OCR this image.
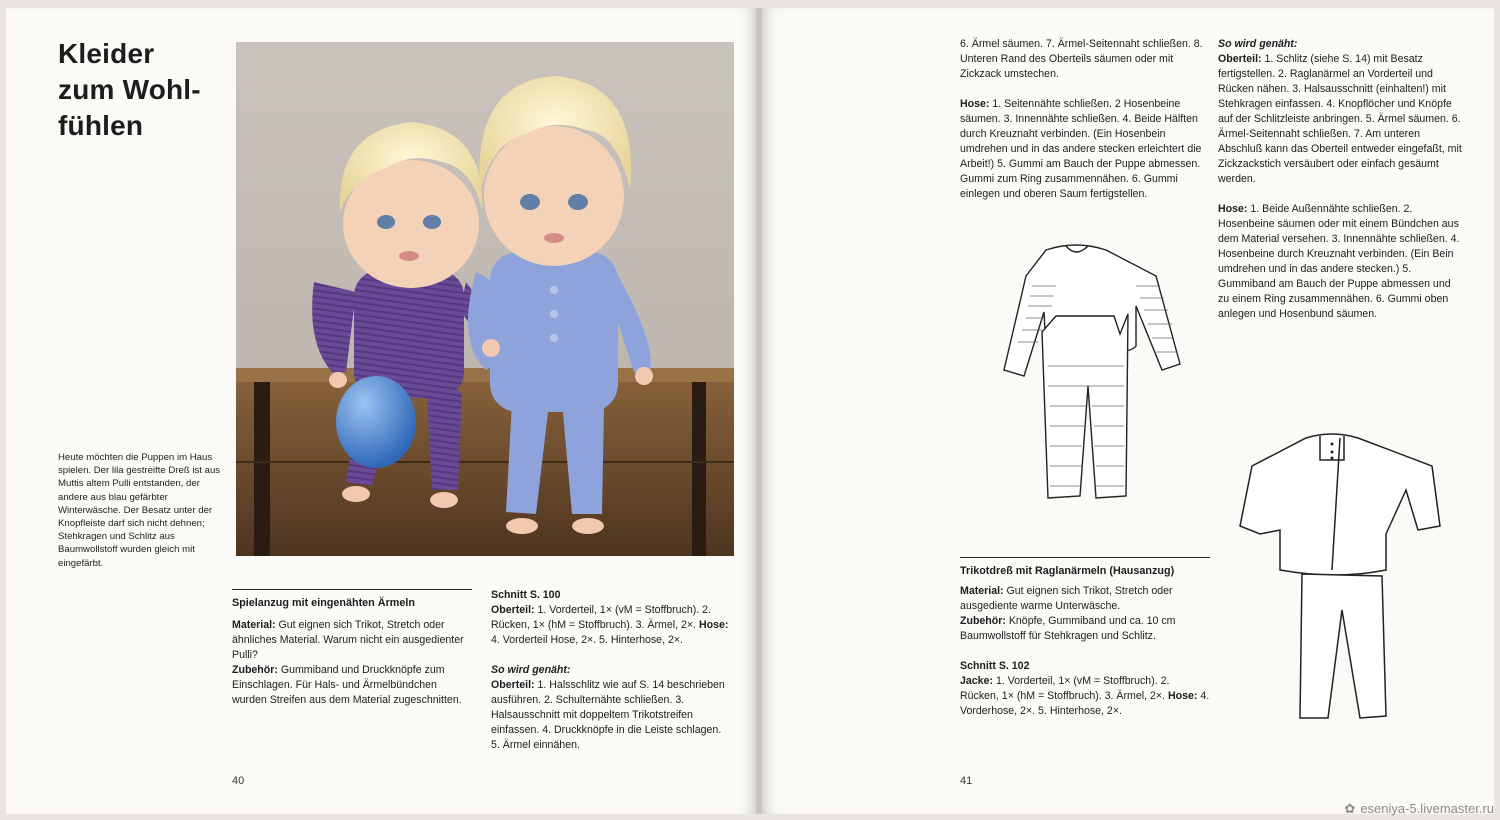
Kleider
zum Wohl-
fühlen
Heute möchten die Puppen im Haus spielen. Der lila gestreifte Dreß ist aus Muttis altem Pulli entstanden, der andere aus blau gefärbter Winterwäsche. Der Besatz unter der Knopfleiste darf sich nicht dehnen; Stehkragen und Schlitz aus Baumwollstoff wurden gleich mit eingefärbt.
Spielanzug mit eingenähten Ärmeln

Material: Gut eignen sich Trikot, Stretch oder ähnliches Material. Warum nicht ein ausgedienter Pulli?

Zubehör: Gummiband und Druckknöpfe zum Einschlagen. Für Hals- und Ärmelbündchen wurden Streifen aus dem Material zugeschnitten.

Schnitt S. 100

Oberteil: 1. Vorderteil, 1× (vM = Stoffbruch). 2. Rücken, 1× (hM = Stoffbruch). 3. Ärmel, 2×. Hose: 4. Vorderteil Hose, 2×. 5. Hinterhose, 2×.

So wird genäht:

Oberteil: 1. Halsschlitz wie auf S. 14 beschrieben ausführen. 2. Schulternähte schließen. 3. Halsausschnitt mit doppeltem Trikotstreifen einfassen. 4. Druckknöpfe in die Leiste schlagen. 5. Ärmel einnähen.

40

6. Ärmel säumen. 7. Ärmel-Seitennaht schließen. 8. Unteren Rand des Oberteils säumen oder mit Zickzack umstechen.

Hose: 1. Seitennähte schließen. 2 Hosenbeine säumen. 3. Innennähte schließen. 4. Beide Hälften durch Kreuznaht verbinden. (Ein Hosenbein umdrehen und in das andere stecken erleichtert die Arbeit!) 5. Gummi am Bauch der Puppe abmessen. Gummi zum Ring zusammennähen. 6. Gummi einlegen und oberen Saum fertigstellen.

So wird genäht:

Oberteil: 1. Schlitz (siehe S. 14) mit Besatz fertigstellen. 2. Raglanärmel an Vorderteil und Rücken nähen. 3. Halsausschnitt (einhalten!) mit Stehkragen einfassen. 4. Knopflöcher und Knöpfe auf der Schlitzleiste anbringen. 5. Ärmel säumen. 6. Ärmel-Seitennaht schließen. 7. Am unteren Abschluß kann das Oberteil entweder eingefaßt, mit Zickzackstich versäubert oder einfach gesäumt werden.

Hose: 1. Beide Außennähte schließen. 2. Hosenbeine säumen oder mit einem Bündchen aus dem Material versehen. 3. Innennähte schließen. 4. Hosenbeine durch Kreuznaht verbinden. (Ein Bein umdrehen und in das andere stecken.) 5. Gummiband am Bauch der Puppe abmessen und zu einem Ring zusammennähen. 6. Gummi oben anlegen und Hosenbund säumen.

Trikotdreß mit Raglanärmeln (Hausanzug)

Material: Gut eignen sich Trikot, Stretch oder ausgediente warme Unterwäsche.

Zubehör: Knöpfe, Gummiband und ca. 10 cm Baumwollstoff für Stehkragen und Schlitz.

Schnitt S. 102

Jacke: 1. Vorderteil, 1× (vM = Stoffbruch). 2. Rücken, 1× (hM = Stoffbruch). 3. Ärmel, 2×. Hose: 4. Vorderhose, 2×. 5. Hinterhose, 2×.

41
✿ eseniya-5.livemaster.ru
